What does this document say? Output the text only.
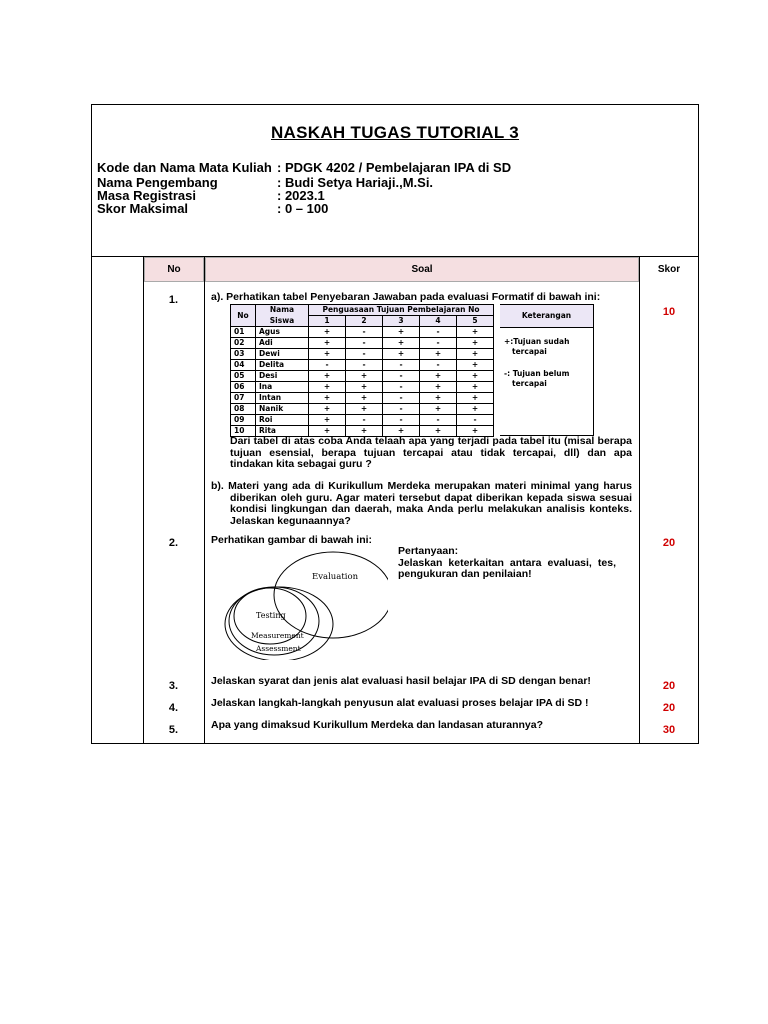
NASKAH TUGAS TUTORIAL 3
Kode dan Nama Mata Kuliah : PDGK 4202 / Pembelajaran IPA di SD
Nama Pengembang	: Budi Setya Hariaji.,M.Si.
Masa Registrasi	: 2023.1
Skor Maksimal	: 0 – 100
No	Soal	Skor
1.
10
a). Perhatikan tabel Penyebaran Jawaban pada evaluasi Formatif di bawah ini:
No	Nama	Penguasaan Tujuan Pembelajaran No				
	Siswa	1	2	3	4	5
01	Agus	+	-	+	-	+
02	Adi	+	-	+	-	+
03	Dewi	+	-	+	+	+
04	Delita	-	-	-	-	+
05	Desi	+	+	-	+	+
06	Ina	+	+	-	+	+
07	Intan	+	+	-	+	+
08	Nanik	+	+	-	+	+
09	Roi	+	-	-	-	-
10	Rita	+	+	+	+	+
Keterangan
+:Tujuan sudah
tercapai
-: Tujuan belum
tercapai
Dari tabel di atas coba Anda telaah apa yang terjadi pada tabel itu (misal berapa
tujuan esensial, berapa tujuan tercapai atau tidak tercapai, dll) dan apa
tindakan kita sebagai guru ?
b). Materi yang ada di Kurikullum Merdeka merupakan materi minimal yang harus
diberikan oleh guru. Agar materi tersebut dapat diberikan kepada siswa sesuai
kondisi lingkungan dan daerah, maka Anda perlu melakukan analisis konteks.
Jelaskan kegunaannya?
2.	20
Perhatikan gambar di bawah ini:
Pertanyaan:
Jelaskan keterkaitan antara evaluasi, tes,
pengukuran dan penilaian!
Evaluation
Testing
Measurement
Assessment
3.	20
Jelaskan syarat dan jenis alat evaluasi hasil belajar IPA di SD dengan benar!
4.	20
Jelaskan langkah-langkah penyusun alat evaluasi proses belajar IPA di SD !
5.	30
Apa yang dimaksud Kurikullum Merdeka dan landasan aturannya?
